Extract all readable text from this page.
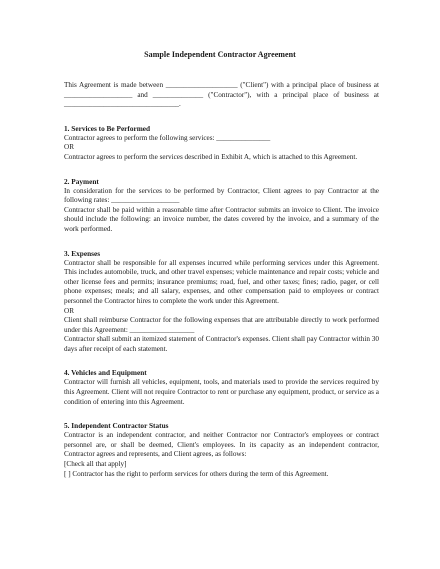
Sample Independent Contractor Agreement

This Agreement is made between ____________________ ("Client") with a principal place of business at ___________________ and ______________ ("Contractor"), with a principal place of business at ________________________________.

1. Services to Be Performed

Contractor agrees to perform the following services: _______________

OR

Contractor agrees to perform the services described in Exhibit A, which is attached to this Agreement.

2. Payment

In consideration for the services to be performed by Contractor, Client agrees to pay Contractor at the following rates: ___________________

Contractor shall be paid within a reasonable time after Contractor submits an invoice to Client. The invoice should include the following: an invoice number, the dates covered by the invoice, and a summary of the work performed.

3. Expenses

Contractor shall be responsible for all expenses incurred while performing services under this Agreement. This includes automobile, truck, and other travel expenses; vehicle maintenance and repair costs; vehicle and other license fees and permits; insurance premiums; road, fuel, and other taxes; fines; radio, pager, or cell phone expenses; meals; and all salary, expenses, and other compensation paid to employees or contract personnel the Contractor hires to complete the work under this Agreement.

OR

Client shall reimburse Contractor for the following expenses that are attributable directly to work performed under this Agreement: __________________

Contractor shall submit an itemized statement of Contractor's expenses. Client shall pay Contractor within 30 days after receipt of each statement.

4. Vehicles and Equipment

Contractor will furnish all vehicles, equipment, tools, and materials used to provide the services required by this Agreement. Client will not require Contractor to rent or purchase any equipment, product, or service as a condition of entering into this Agreement.

5. Independent Contractor Status

Contractor is an independent contractor, and neither Contractor nor Contractor's employees or contract personnel are, or shall be deemed, Client's employees. In its capacity as an independent contractor, Contractor agrees and represents, and Client agrees, as follows:

[Check all that apply]

[ ] Contractor has the right to perform services for others during the term of this Agreement.
